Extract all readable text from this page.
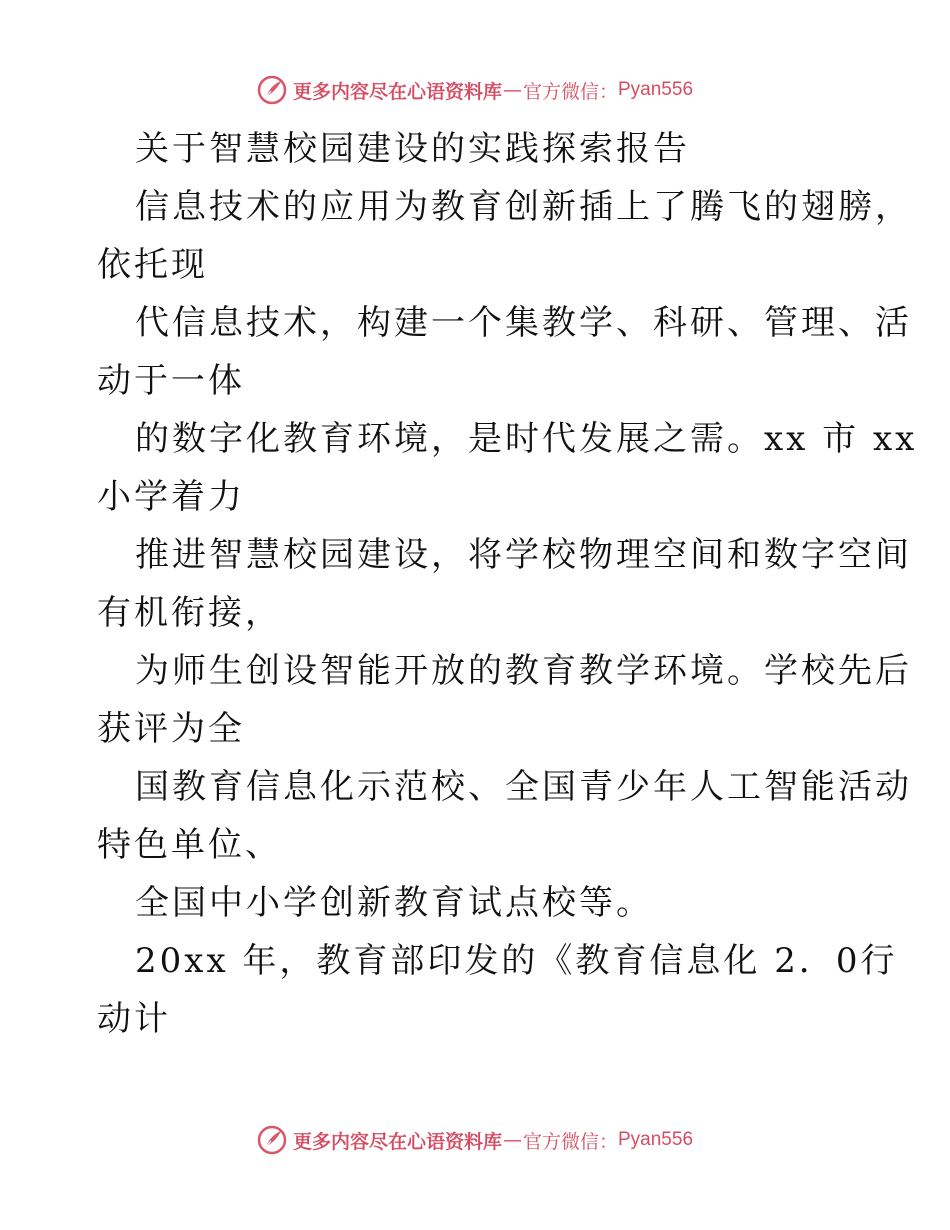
更多内容尽在心语资料库 — 官方微信： Pyan556
关于智慧校园建设的实践探索报告
信息技术的应用为教育创新插上了腾飞的翅膀，
依托现
代信息技术，构建一个集教学、科研、管理、活
动于一体
的数字化教育环境，是时代发展之需。xx 市 xx
小学着力
推进智慧校园建设，将学校物理空间和数字空间
有机衔接，
为师生创设智能开放的教育教学环境。学校先后
获评为全
国教育信息化示范校、全国青少年人工智能活动
特色单位、
全国中小学创新教育试点校等。
20xx 年，教育部印发的《教育信息化 2．0行
动计
更多内容尽在心语资料库 — 官方微信： Pyan556
